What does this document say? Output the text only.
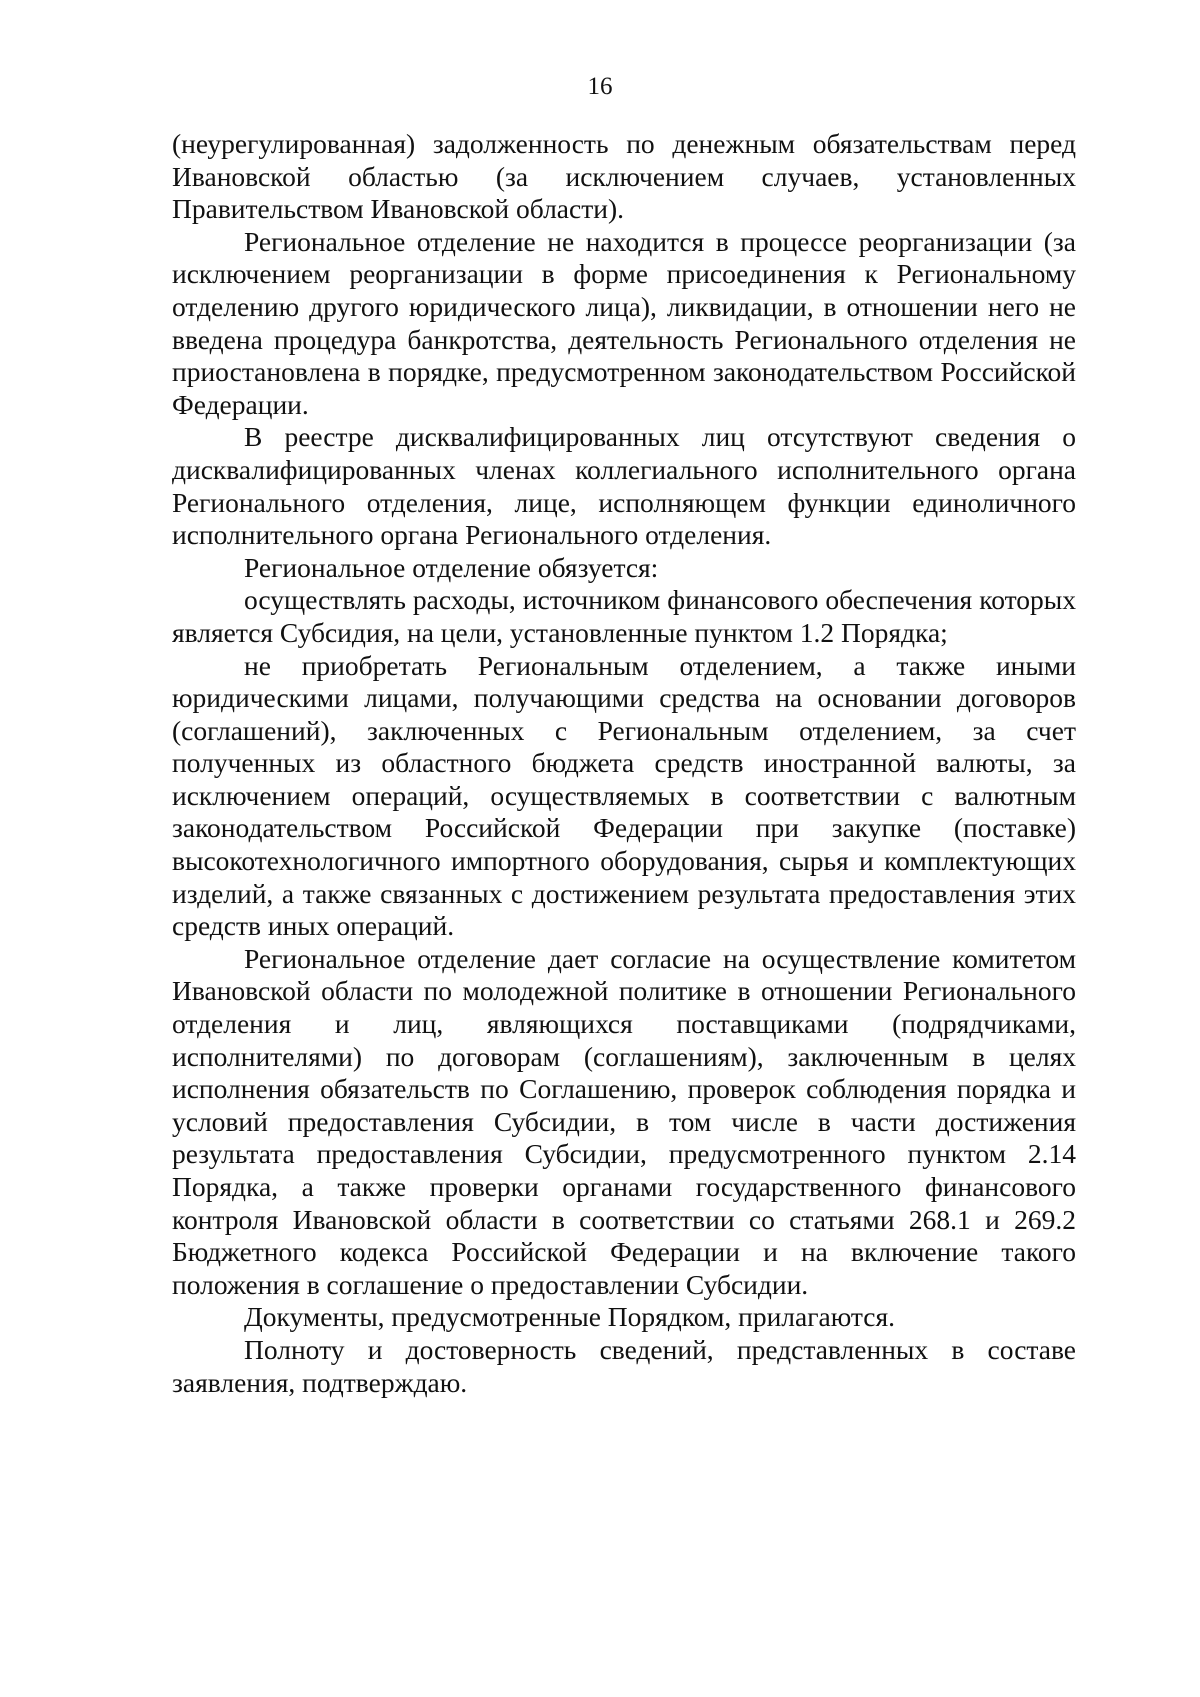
16

(неурегулированная) задолженность по денежным обязательствам перед Ивановской областью (за исключением случаев, установленных Правительством Ивановской области).

Региональное отделение не находится в процессе реорганизации (за исключением реорганизации в форме присоединения к Региональному отделению другого юридического лица), ликвидации, в отношении него не введена процедура банкротства, деятельность Регионального отделения не приостановлена в порядке, предусмотренном законодательством Российской Федерации.

В реестре дисквалифицированных лиц отсутствуют сведения о дисквалифицированных членах коллегиального исполнительного органа Регионального отделения, лице, исполняющем функции единоличного исполнительного органа Регионального отделения.

Региональное отделение обязуется:

осуществлять расходы, источником финансового обеспечения которых является Субсидия, на цели, установленные пунктом 1.2 Порядка;

не приобретать Региональным отделением, а также иными юридическими лицами, получающими средства на основании договоров (соглашений), заключенных с Региональным отделением, за счет полученных из областного бюджета средств иностранной валюты, за исключением операций, осуществляемых в соответствии с валютным законодательством Российской Федерации при закупке (поставке) высокотехнологичного импортного оборудования, сырья и комплектующих изделий, а также связанных с достижением результата предоставления этих средств иных операций.

Региональное отделение дает согласие на осуществление комитетом Ивановской области по молодежной политике в отношении Регионального отделения и лиц, являющихся поставщиками (подрядчиками, исполнителями) по договорам (соглашениям), заключенным в целях исполнения обязательств по Соглашению, проверок соблюдения порядка и условий предоставления Субсидии, в том числе в части достижения результата предоставления Субсидии, предусмотренного пунктом 2.14 Порядка, а также проверки органами государственного финансового контроля Ивановской области в соответствии со статьями 268.1 и 269.2 Бюджетного кодекса Российской Федерации и на включение такого положения в соглашение о предоставлении Субсидии.

Документы, предусмотренные Порядком, прилагаются.

Полноту и достоверность сведений, представленных в составе заявления, подтверждаю.
